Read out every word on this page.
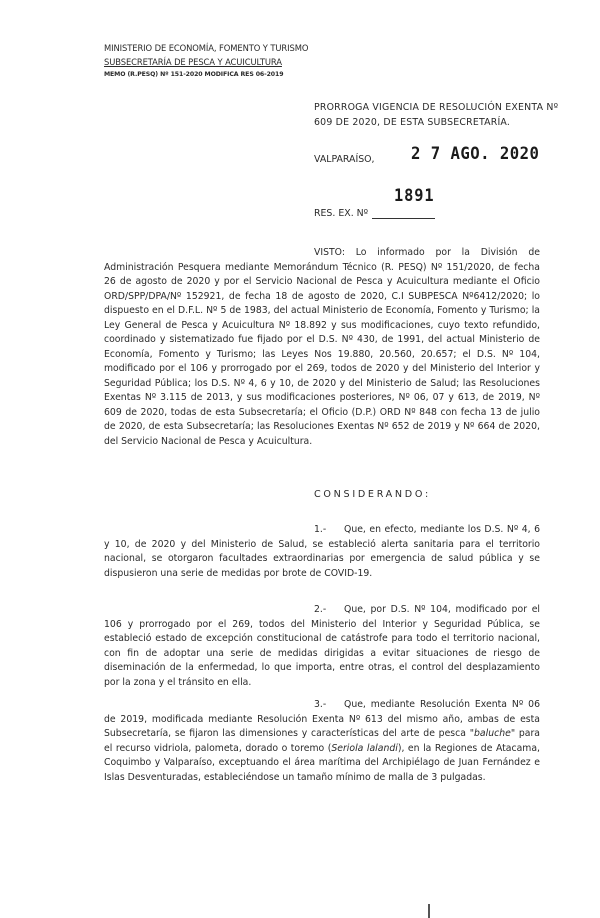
MINISTERIO DE ECONOMÍA, FOMENTO Y TURISMO
SUBSECRETARÍA DE PESCA Y ACUICULTURA
MEMO (R.PESQ) Nº 151-2020 MODIFICA RES 06-2019
PRORROGA VIGENCIA DE RESOLUCIÓN EXENTA Nº
609 DE 2020, DE ESTA SUBSECRETARÍA.
VALPARAÍSO, 2 7 AGO. 2020
1891
RES. EX. Nº

VISTO: Lo informado por la División de Administración Pesquera mediante Memorándum Técnico (R. PESQ) Nº 151/2020, de fecha 26 de agosto de 2020 y por el Servicio Nacional de Pesca y Acuicultura mediante el Oficio ORD/SPP/DPA/Nº 152921, de fecha 18 de agosto de 2020, C.I SUBPESCA Nº6412/2020; lo dispuesto en el D.F.L. Nº 5 de 1983, del actual Ministerio de Economía, Fomento y Turismo; la Ley General de Pesca y Acuicultura Nº 18.892 y sus modificaciones, cuyo texto refundido, coordinado y sistematizado fue fijado por el D.S. Nº 430, de 1991, del actual Ministerio de Economía, Fomento y Turismo; las Leyes Nos 19.880, 20.560, 20.657; el D.S. Nº 104, modificado por el 106 y prorrogado por el 269, todos de 2020 y del Ministerio del Interior y Seguridad Pública; los D.S. Nº 4, 6 y 10, de 2020 y del Ministerio de Salud; las Resoluciones Exentas Nº 3.115 de 2013, y sus modificaciones posteriores, Nº 06, 07 y 613, de 2019, Nº 609 de 2020, todas de esta Subsecretaría; el Oficio (D.P.) ORD Nº 848 con fecha 13 de julio de 2020, de esta Subsecretaría; las Resoluciones Exentas Nº 652 de 2019 y Nº 664 de 2020, del Servicio Nacional de Pesca y Acuicultura.

CONSIDERANDO:

1.- Que, en efecto, mediante los D.S. Nº 4, 6 y 10, de 2020 y del Ministerio de Salud, se estableció alerta sanitaria para el territorio nacional, se otorgaron facultades extraordinarias por emergencia de salud pública y se dispusieron una serie de medidas por brote de COVID-19.

2.- Que, por D.S. Nº 104, modificado por el 106 y prorrogado por el 269, todos del Ministerio del Interior y Seguridad Pública, se estableció estado de excepción constitucional de catástrofe para todo el territorio nacional, con fin de adoptar una serie de medidas dirigidas a evitar situaciones de riesgo de diseminación de la enfermedad, lo que importa, entre otras, el control del desplazamiento por la zona y el tránsito en ella.

3.- Que, mediante Resolución Exenta Nº 06 de 2019, modificada mediante Resolución Exenta Nº 613 del mismo año, ambas de esta Subsecretaría, se fijaron las dimensiones y características del arte de pesca "baluche" para el recurso vidriola, palometa, dorado o toremo (Seriola lalandi), en la Regiones de Atacama, Coquimbo y Valparaíso, exceptuando el área marítima del Archipiélago de Juan Fernández e Islas Desventuradas, estableciéndose un tamaño mínimo de malla de 3 pulgadas.
